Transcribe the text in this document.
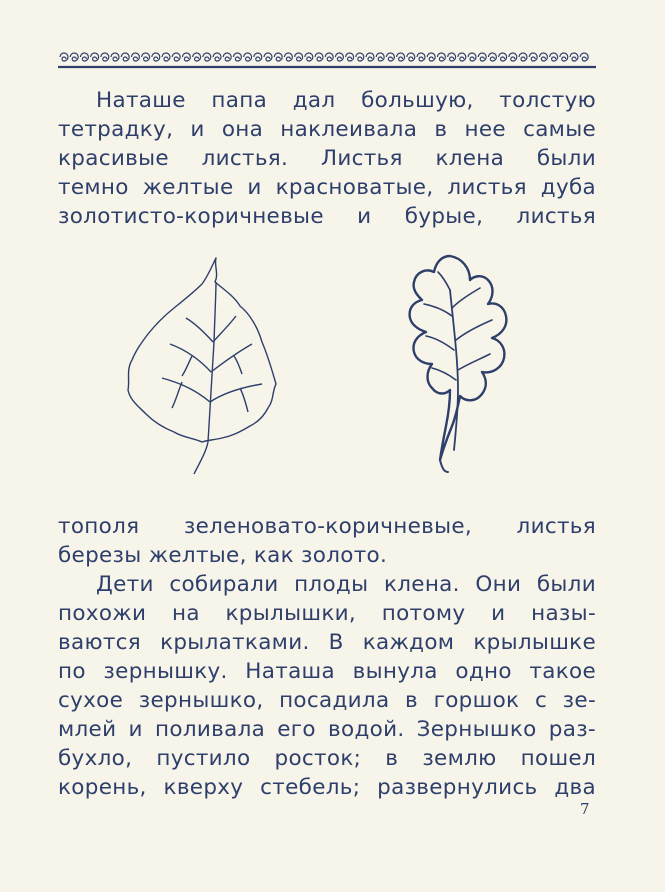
Наташе папа дал большую, толстую
тетрадку, и она наклеивала в нее самые
красивые листья. Листья клена были
темно желтые и красноватые, листья дуба
золотисто-коричневые и бурые, листья
тополя зеленовато-коричневые, листья
березы желтые, как золото.
Дети собирали плоды клена. Они были
похожи на крылышки, потому и назы-
ваются крылатками. В каждом крылышке
по зернышку. Наташа вынула одно такое
сухое зернышко, посадила в горшок с зе-
млей и поливала его водой. Зернышко раз-
бухло, пустило росток; в землю пошел
корень, кверху стебель; развернулись два
7
